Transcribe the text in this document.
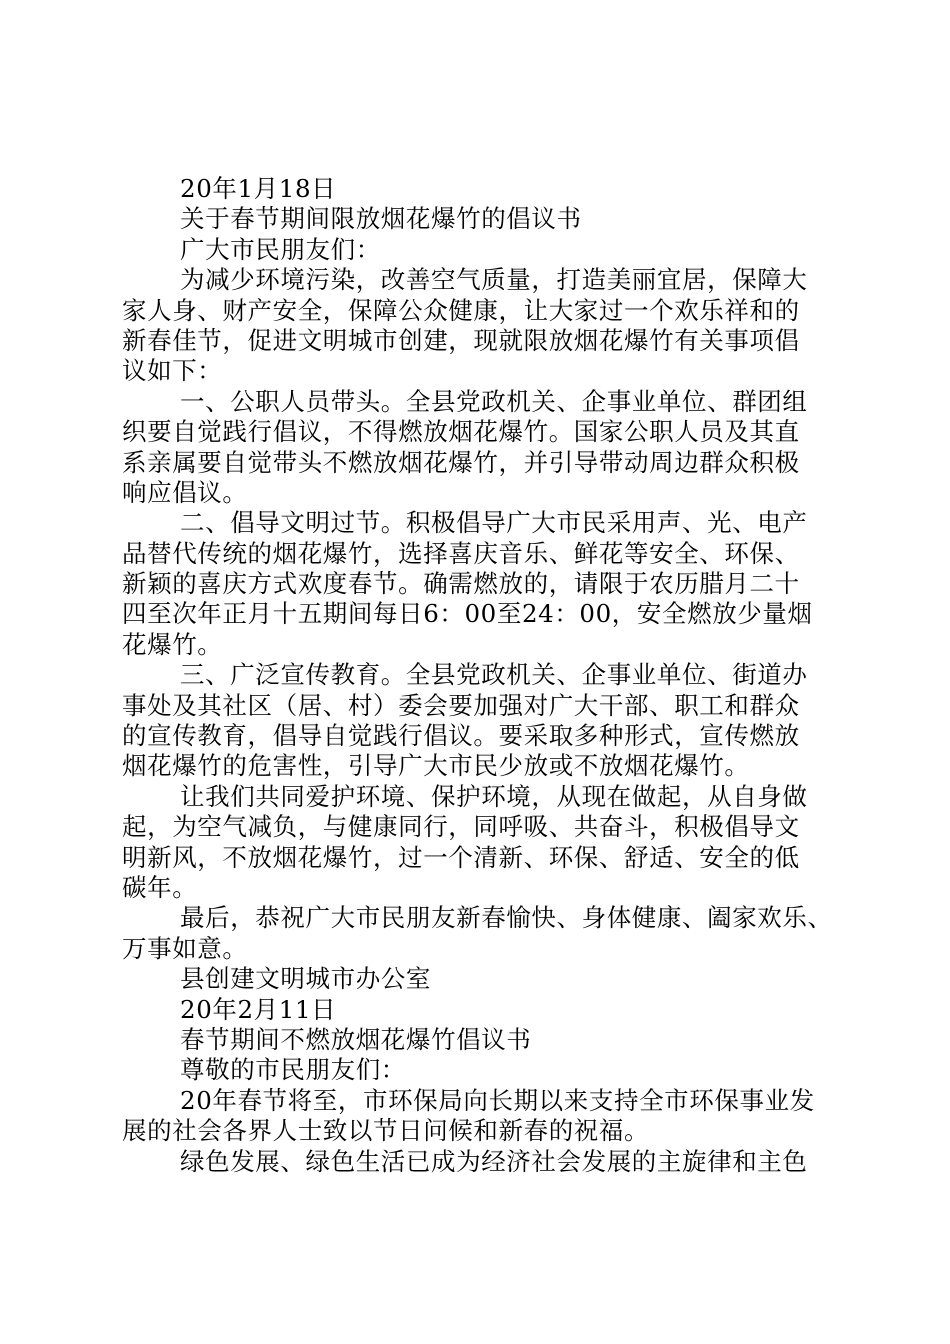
20年1月18日
关于春节期间限放烟花爆竹的倡议书
广大市民朋友们：
为减少环境污染，改善空气质量，打造美丽宜居，保障大
家人身、财产安全，保障公众健康，让大家过一个欢乐祥和的
新春佳节，促进文明城市创建，现就限放烟花爆竹有关事项倡
议如下：
一、公职人员带头。全县党政机关、企事业单位、群团组
织要自觉践行倡议，不得燃放烟花爆竹。国家公职人员及其直
系亲属要自觉带头不燃放烟花爆竹，并引导带动周边群众积极
响应倡议。
二、倡导文明过节。积极倡导广大市民采用声、光、电产
品替代传统的烟花爆竹，选择喜庆音乐、鲜花等安全、环保、
新颖的喜庆方式欢度春节。确需燃放的，请限于农历腊月二十
四至次年正月十五期间每日6：00至24：00，安全燃放少量烟
花爆竹。
三、广泛宣传教育。全县党政机关、企事业单位、街道办
事处及其社区（居、村）委会要加强对广大干部、职工和群众
的宣传教育，倡导自觉践行倡议。要采取多种形式，宣传燃放
烟花爆竹的危害性，引导广大市民少放或不放烟花爆竹。
让我们共同爱护环境、保护环境，从现在做起，从自身做
起，为空气减负，与健康同行，同呼吸、共奋斗，积极倡导文
明新风，不放烟花爆竹，过一个清新、环保、舒适、安全的低
碳年。
最后，恭祝广大市民朋友新春愉快、身体健康、阖家欢乐、
万事如意。
县创建文明城市办公室
20年2月11日
春节期间不燃放烟花爆竹倡议书
尊敬的市民朋友们：
20年春节将至，市环保局向长期以来支持全市环保事业发
展的社会各界人士致以节日问候和新春的祝福。
绿色发展、绿色生活已成为经济社会发展的主旋律和主色
